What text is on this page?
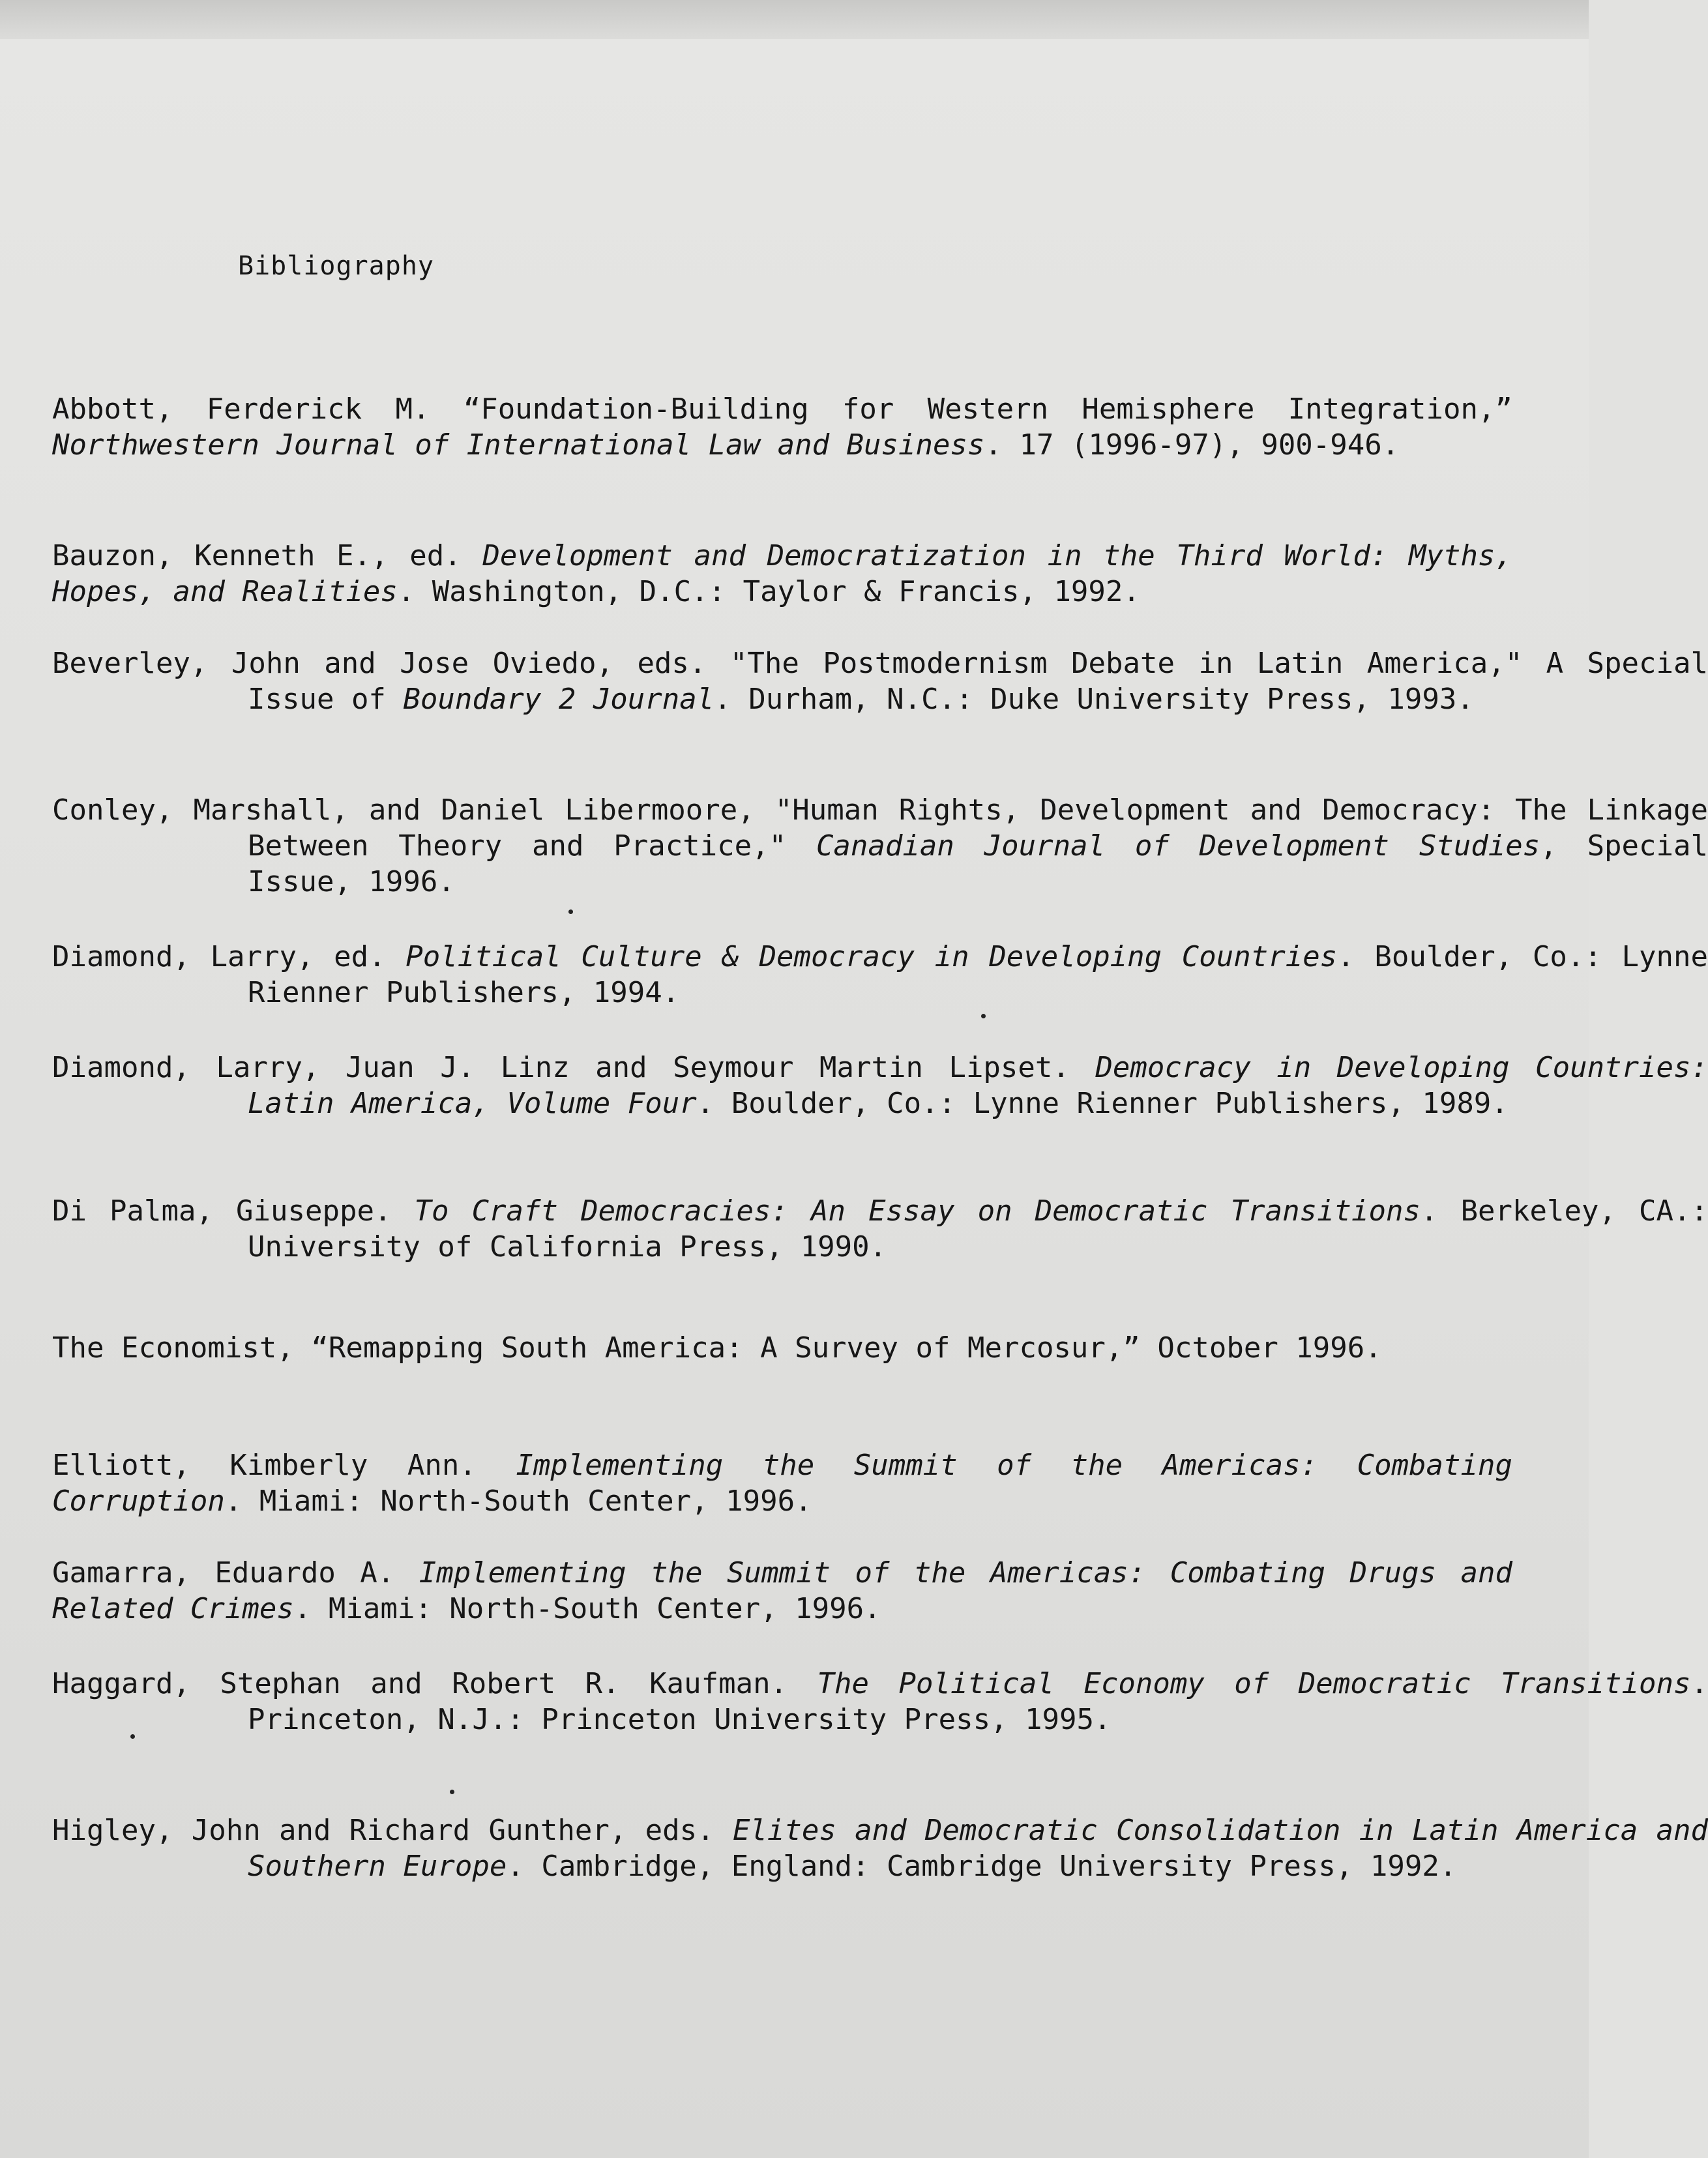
Bibliography

Abbott, Ferderick M. “Foundation-Building for Western Hemisphere Integration,” Northwestern Journal of International Law and Business. 17 (1996-97), 900-946.

Bauzon, Kenneth E., ed. Development and Democratization in the Third World: Myths, Hopes, and Realities. Washington, D.C.: Taylor & Francis, 1992.

Beverley, John and Jose Oviedo, eds. "The Postmodernism Debate in Latin America," A Special Issue of Boundary 2 Journal. Durham, N.C.: Duke University Press, 1993.

Conley, Marshall, and Daniel Libermoore, "Human Rights, Development and Democracy: The Linkage Between Theory and Practice," Canadian Journal of Development Studies, Special Issue, 1996.

Diamond, Larry, ed. Political Culture & Democracy in Developing Countries. Boulder, Co.: Lynne Rienner Publishers, 1994.

Diamond, Larry, Juan J. Linz and Seymour Martin Lipset. Democracy in Developing Countries: Latin America, Volume Four. Boulder, Co.: Lynne Rienner Publishers, 1989.

Di Palma, Giuseppe. To Craft Democracies: An Essay on Democratic Transitions. Berkeley, CA.: University of California Press, 1990.

The Economist, “Remapping South America: A Survey of Mercosur,” October 1996.

Elliott, Kimberly Ann. Implementing the Summit of the Americas: Combating Corruption. Miami: North-South Center, 1996.

Gamarra, Eduardo A. Implementing the Summit of the Americas: Combating Drugs and Related Crimes. Miami: North-South Center, 1996.

Haggard, Stephan and Robert R. Kaufman. The Political Economy of Democratic Transitions. Princeton, N.J.: Princeton University Press, 1995.

Higley, John and Richard Gunther, eds. Elites and Democratic Consolidation in Latin America and Southern Europe. Cambridge, England: Cambridge University Press, 1992.
